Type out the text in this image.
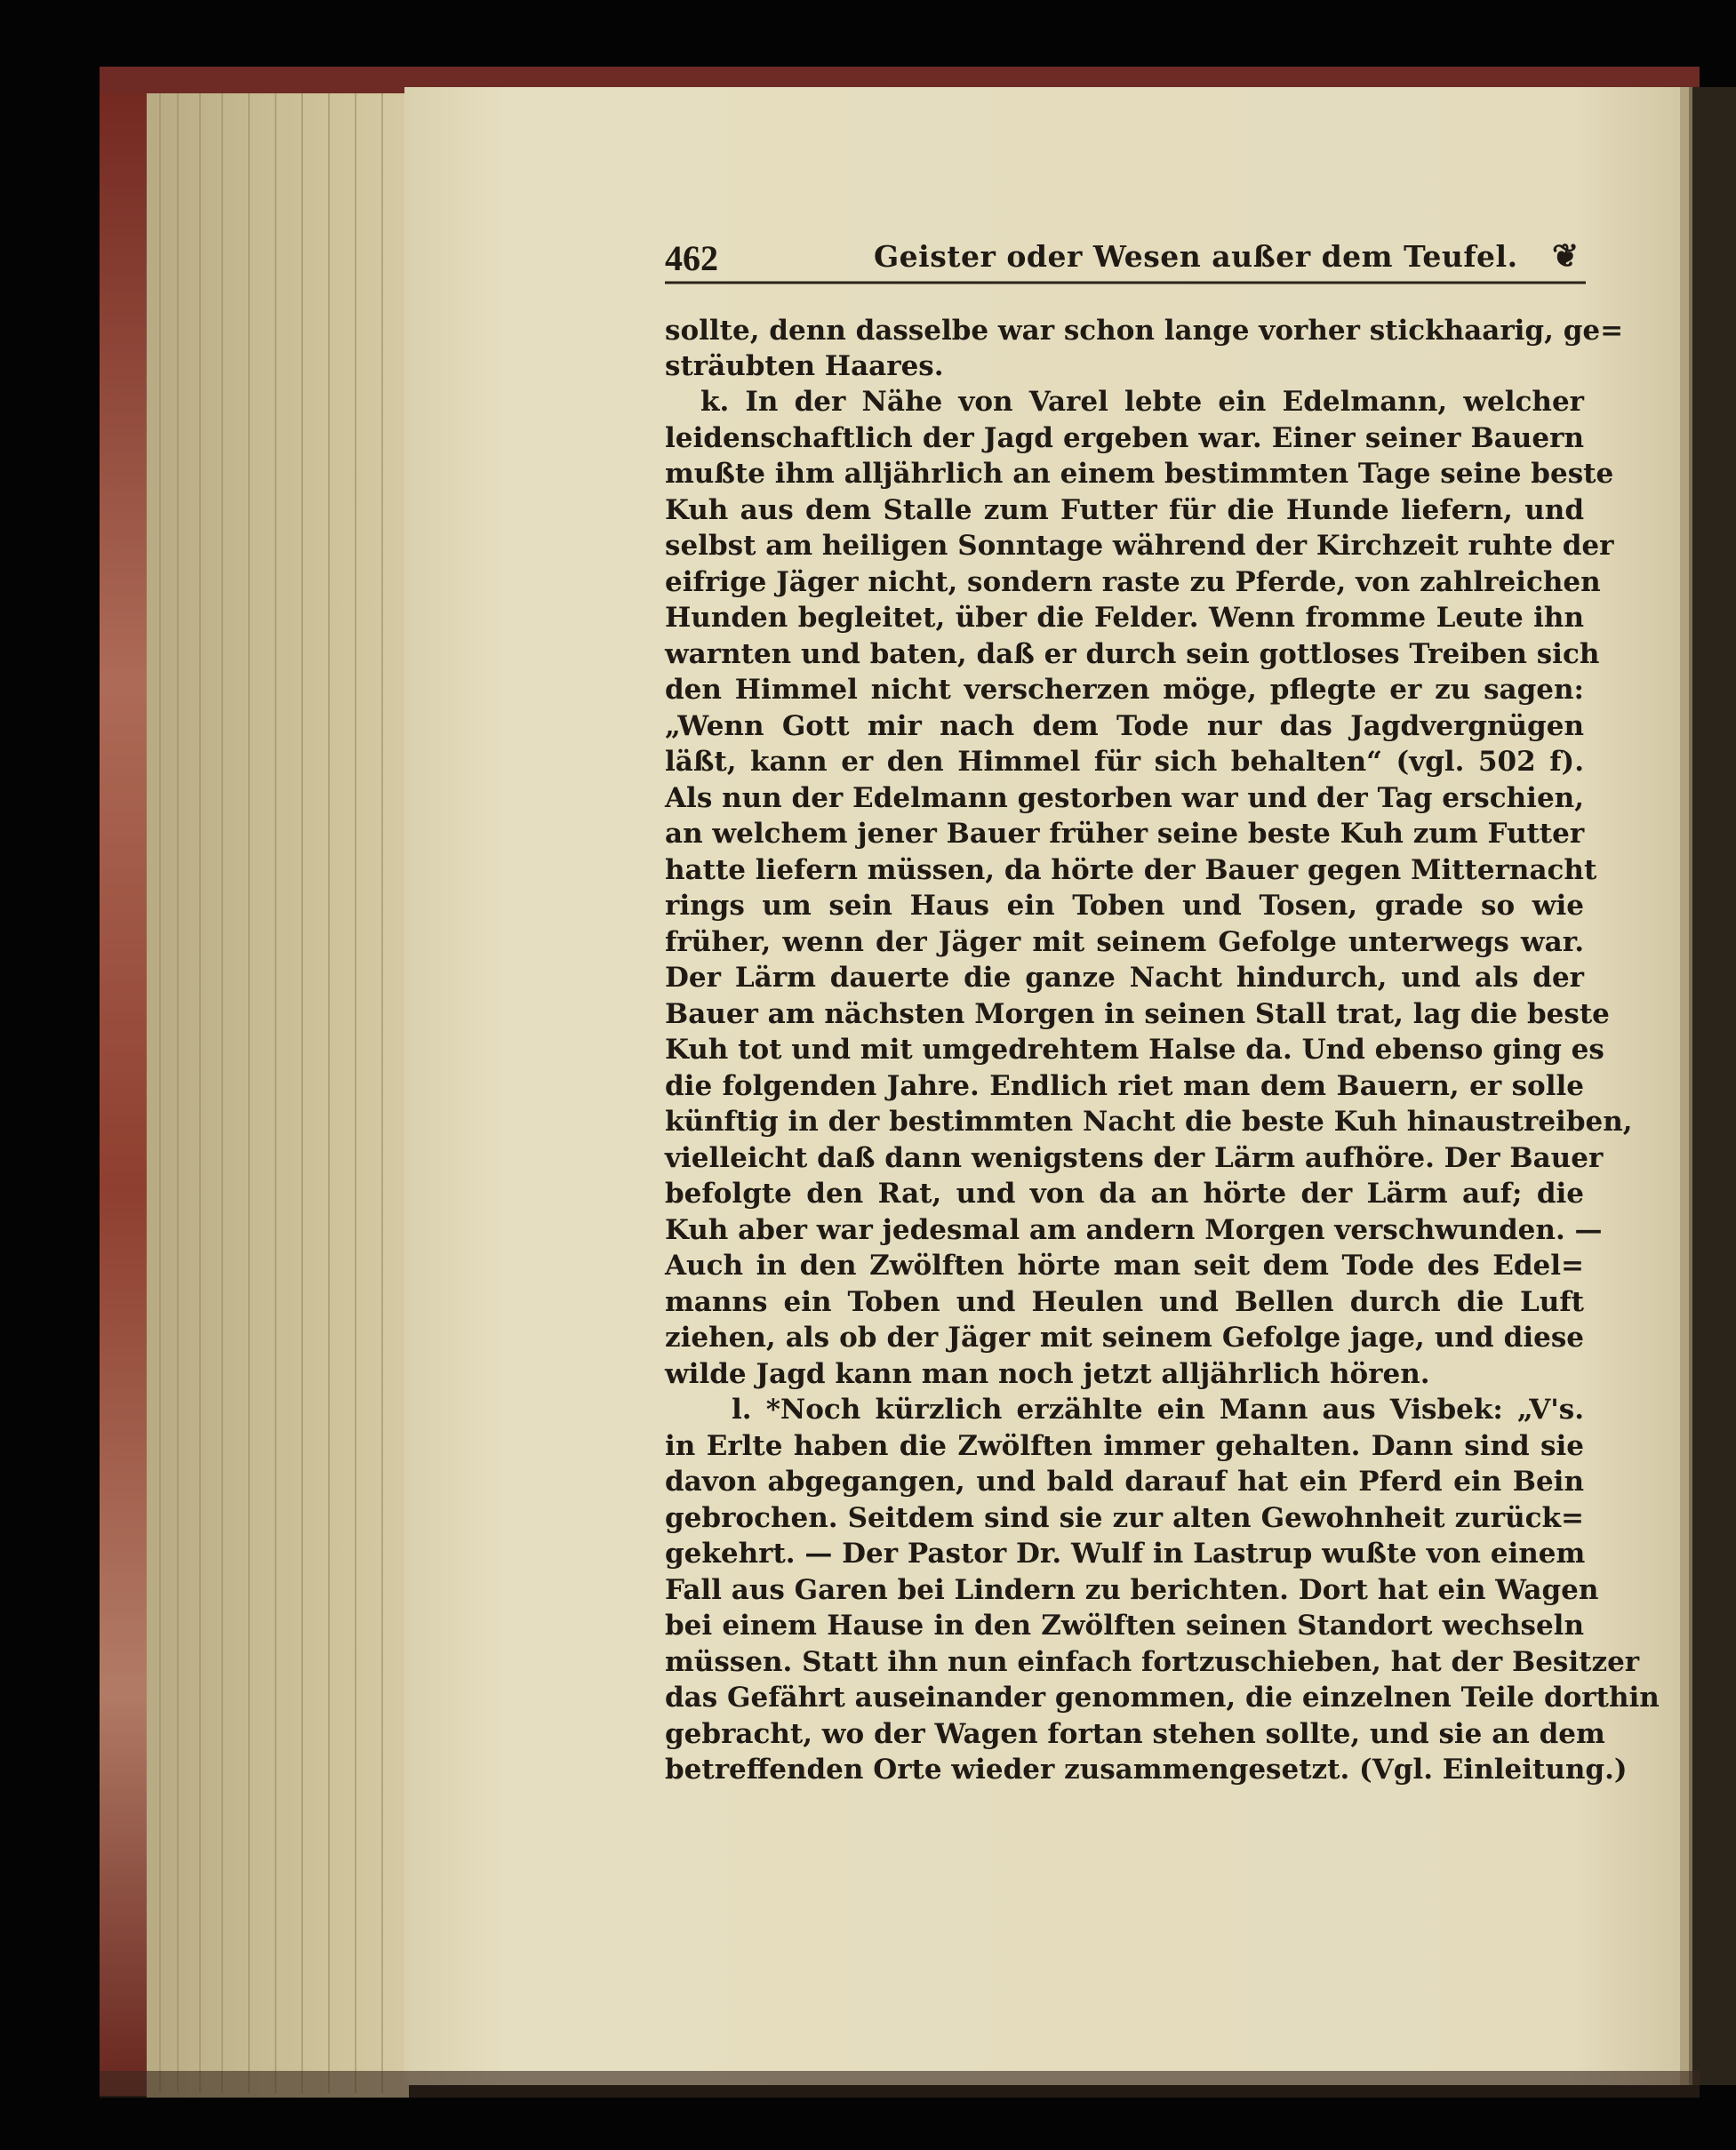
462	Geister oder Wesen außer dem Teufel. ❦
sollte, denn dasselbe war schon lange vorher stickhaarig, ge=
sträubten Haares.
k. In der Nähe von Varel lebte ein Edelmann, welcher
leidenschaftlich der Jagd ergeben war. Einer seiner Bauern
mußte ihm alljährlich an einem bestimmten Tage seine beste
Kuh aus dem Stalle zum Futter für die Hunde liefern, und
selbst am heiligen Sonntage während der Kirchzeit ruhte der
eifrige Jäger nicht, sondern raste zu Pferde, von zahlreichen
Hunden begleitet, über die Felder. Wenn fromme Leute ihn
warnten und baten, daß er durch sein gottloses Treiben sich
den Himmel nicht verscherzen möge, pflegte er zu sagen:
„Wenn Gott mir nach dem Tode nur das Jagdvergnügen
läßt, kann er den Himmel für sich behalten“ (vgl. 502 f).
Als nun der Edelmann gestorben war und der Tag erschien,
an welchem jener Bauer früher seine beste Kuh zum Futter
hatte liefern müssen, da hörte der Bauer gegen Mitternacht
rings um sein Haus ein Toben und Tosen, grade so wie
früher, wenn der Jäger mit seinem Gefolge unterwegs war.
Der Lärm dauerte die ganze Nacht hindurch, und als der
Bauer am nächsten Morgen in seinen Stall trat, lag die beste
Kuh tot und mit umgedrehtem Halse da. Und ebenso ging es
die folgenden Jahre. Endlich riet man dem Bauern, er solle
künftig in der bestimmten Nacht die beste Kuh hinaustreiben,
vielleicht daß dann wenigstens der Lärm aufhöre. Der Bauer
befolgte den Rat, und von da an hörte der Lärm auf; die
Kuh aber war jedesmal am andern Morgen verschwunden. —
Auch in den Zwölften hörte man seit dem Tode des Edel=
manns ein Toben und Heulen und Bellen durch die Luft
ziehen, als ob der Jäger mit seinem Gefolge jage, und diese
wilde Jagd kann man noch jetzt alljährlich hören.
l. *Noch kürzlich erzählte ein Mann aus Visbek: „V's.
in Erlte haben die Zwölften immer gehalten. Dann sind sie
davon abgegangen, und bald darauf hat ein Pferd ein Bein
gebrochen. Seitdem sind sie zur alten Gewohnheit zurück=
gekehrt. — Der Pastor Dr. Wulf in Lastrup wußte von einem
Fall aus Garen bei Lindern zu berichten. Dort hat ein Wagen
bei einem Hause in den Zwölften seinen Standort wechseln
müssen. Statt ihn nun einfach fortzuschieben, hat der Besitzer
das Gefährt auseinander genommen, die einzelnen Teile dorthin
gebracht, wo der Wagen fortan stehen sollte, und sie an dem
betreffenden Orte wieder zusammengesetzt. (Vgl. Einleitung.)
